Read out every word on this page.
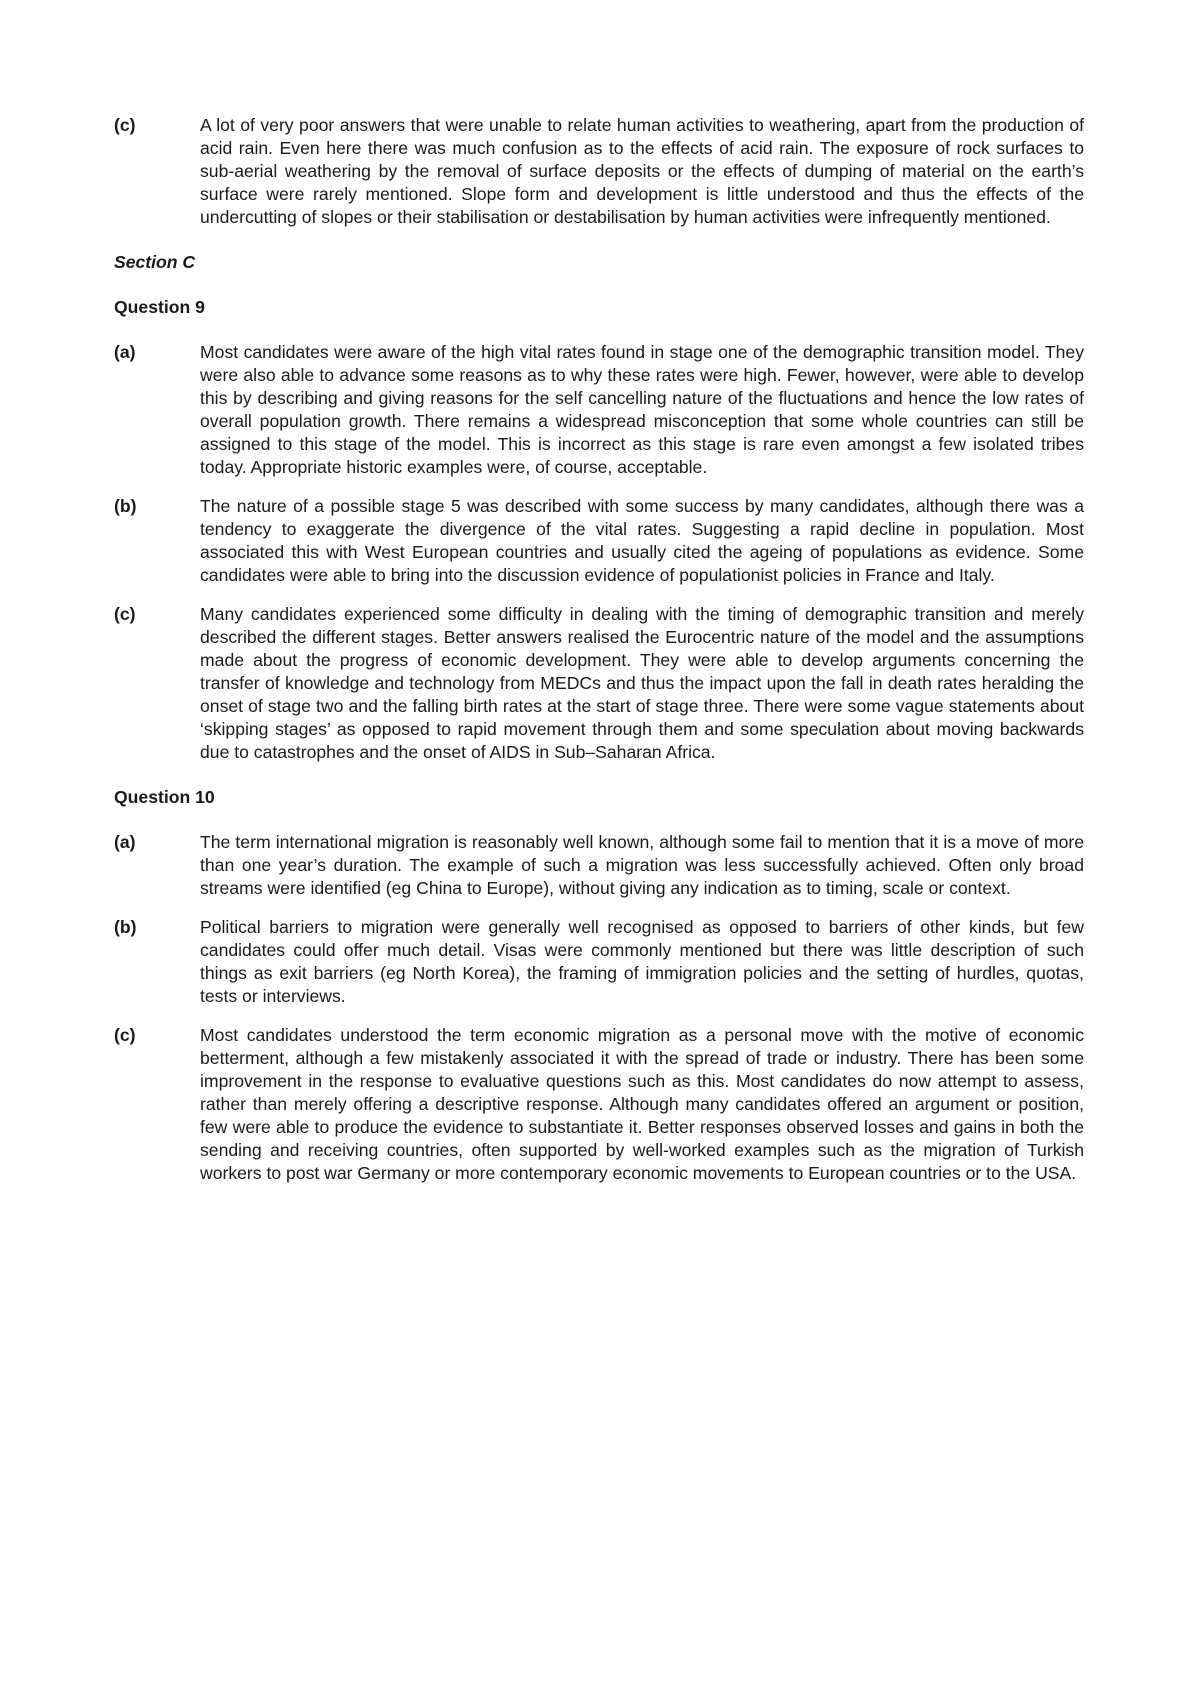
(c)	A lot of very poor answers that were unable to relate human activities to weathering, apart from the production of acid rain. Even here there was much confusion as to the effects of acid rain. The exposure of rock surfaces to sub-aerial weathering by the removal of surface deposits or the effects of dumping of material on the earth’s surface were rarely mentioned. Slope form and development is little understood and thus the effects of the undercutting of slopes or their stabilisation or destabilisation by human activities were infrequently mentioned.
Section C
Question 9
(a)	Most candidates were aware of the high vital rates found in stage one of the demographic transition model. They were also able to advance some reasons as to why these rates were high. Fewer, however, were able to develop this by describing and giving reasons for the self cancelling nature of the fluctuations and hence the low rates of overall population growth. There remains a widespread misconception that some whole countries can still be assigned to this stage of the model. This is incorrect as this stage is rare even amongst a few isolated tribes today. Appropriate historic examples were, of course, acceptable.
(b)	The nature of a possible stage 5 was described with some success by many candidates, although there was a tendency to exaggerate the divergence of the vital rates. Suggesting a rapid decline in population. Most associated this with West European countries and usually cited the ageing of populations as evidence. Some candidates were able to bring into the discussion evidence of populationist policies in France and Italy.
(c)	Many candidates experienced some difficulty in dealing with the timing of demographic transition and merely described the different stages. Better answers realised the Eurocentric nature of the model and the assumptions made about the progress of economic development. They were able to develop arguments concerning the transfer of knowledge and technology from MEDCs and thus the impact upon the fall in death rates heralding the onset of stage two and the falling birth rates at the start of stage three. There were some vague statements about ‘skipping stages’ as opposed to rapid movement through them and some speculation about moving backwards due to catastrophes and the onset of AIDS in Sub–Saharan Africa.
Question 10
(a)	The term international migration is reasonably well known, although some fail to mention that it is a move of more than one year’s duration. The example of such a migration was less successfully achieved. Often only broad streams were identified (eg China to Europe), without giving any indication as to timing, scale or context.
(b)	Political barriers to migration were generally well recognised as opposed to barriers of other kinds, but few candidates could offer much detail. Visas were commonly mentioned but there was little description of such things as exit barriers (eg North Korea), the framing of immigration policies and the setting of hurdles, quotas, tests or interviews.
(c)	Most candidates understood the term economic migration as a personal move with the motive of economic betterment, although a few mistakenly associated it with the spread of trade or industry. There has been some improvement in the response to evaluative questions such as this. Most candidates do now attempt to assess, rather than merely offering a descriptive response. Although many candidates offered an argument or position, few were able to produce the evidence to substantiate it. Better responses observed losses and gains in both the sending and receiving countries, often supported by well-worked examples such as the migration of Turkish workers to post war Germany or more contemporary economic movements to European countries or to the USA.
